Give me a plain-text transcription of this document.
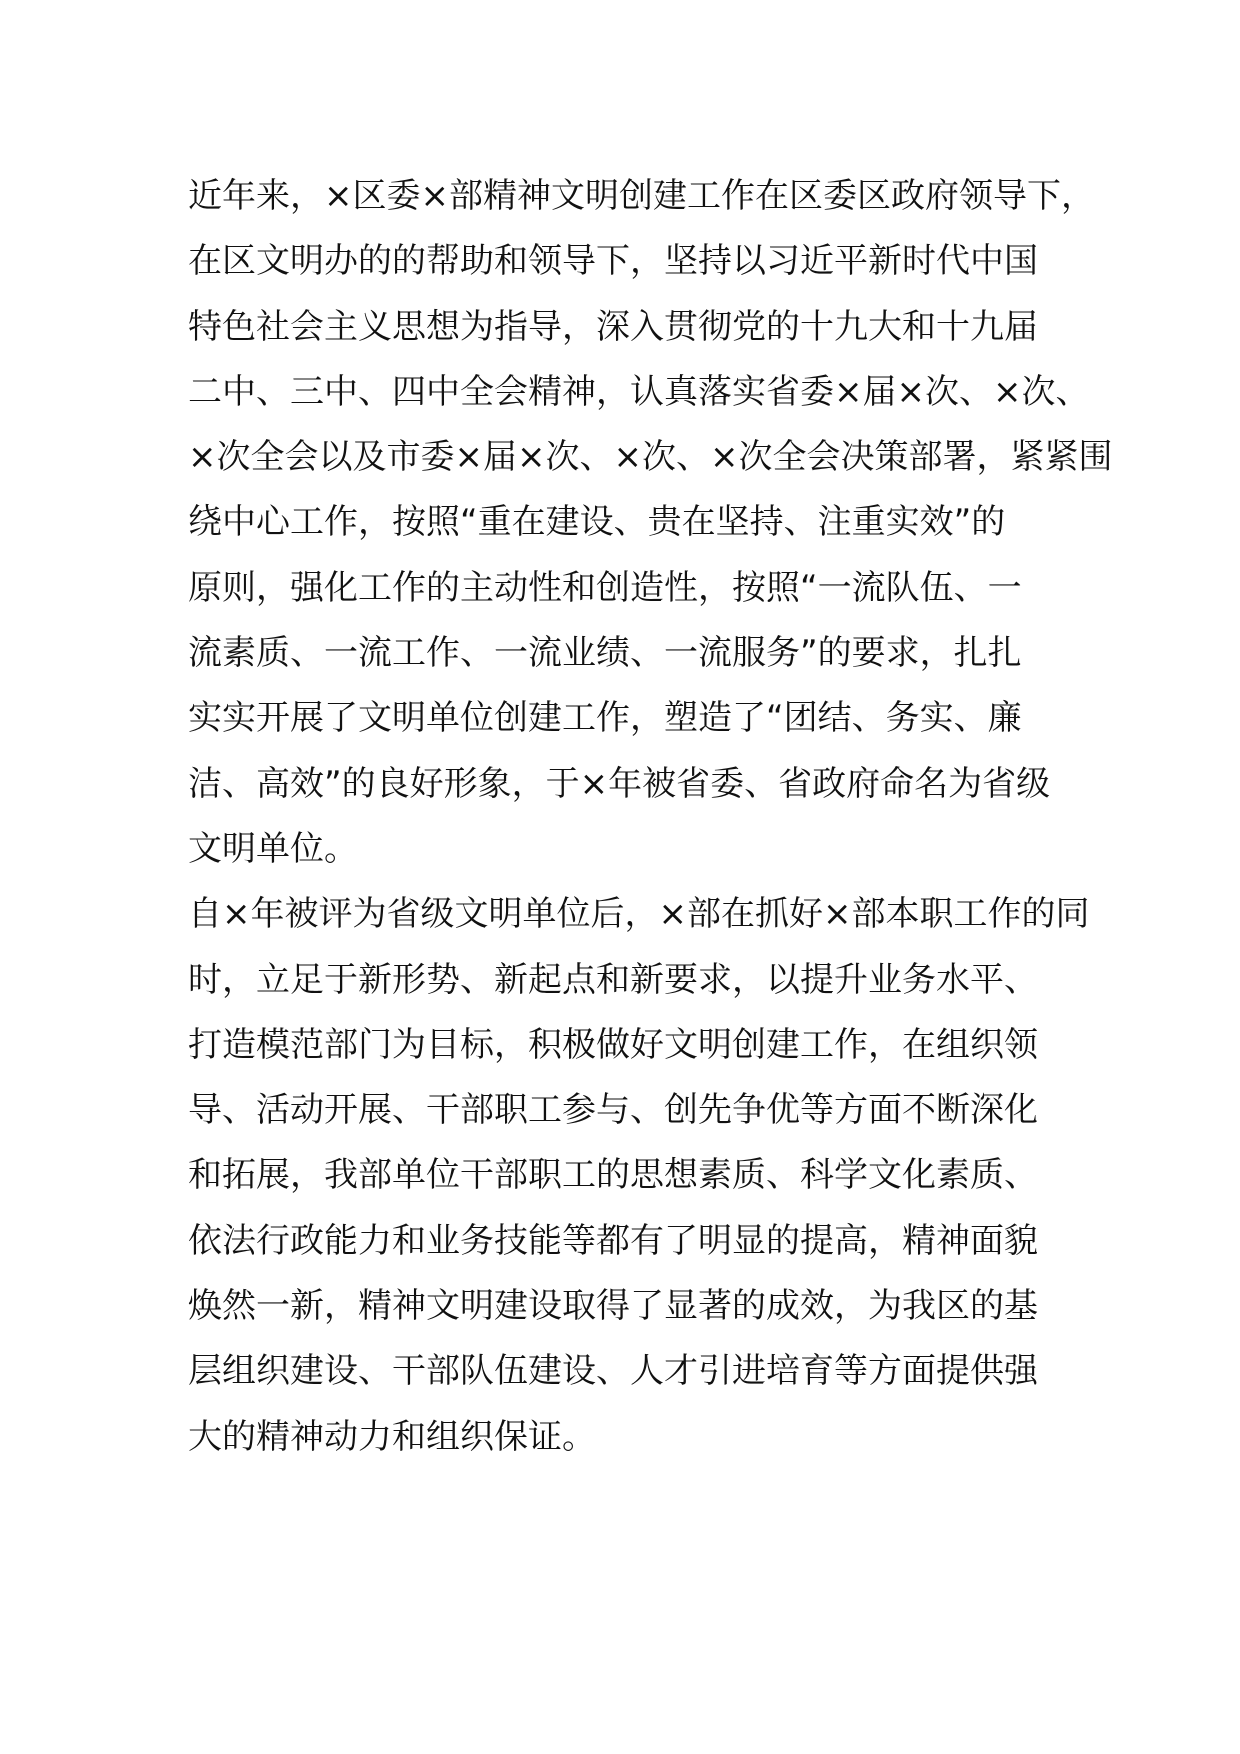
近年来，×区委×部精神文明创建工作在区委区政府领导下，
在区文明办的的帮助和领导下，坚持以习近平新时代中国
特色社会主义思想为指导，深入贯彻党的十九大和十九届
二中、三中、四中全会精神，认真落实省委×届×次、×次、
×次全会以及市委×届×次、×次、×次全会决策部署，紧紧围
绕中心工作，按照“重在建设、贵在坚持、注重实效”的
原则，强化工作的主动性和创造性，按照“一流队伍、一
流素质、一流工作、一流业绩、一流服务”的要求，扎扎
实实开展了文明单位创建工作，塑造了“团结、务实、廉
洁、高效”的良好形象，于×年被省委、省政府命名为省级
文明单位。
自×年被评为省级文明单位后，×部在抓好×部本职工作的同
时，立足于新形势、新起点和新要求，以提升业务水平、
打造模范部门为目标，积极做好文明创建工作，在组织领
导、活动开展、干部职工参与、创先争优等方面不断深化
和拓展，我部单位干部职工的思想素质、科学文化素质、
依法行政能力和业务技能等都有了明显的提高，精神面貌
焕然一新，精神文明建设取得了显著的成效，为我区的基
层组织建设、干部队伍建设、人才引进培育等方面提供强
大的精神动力和组织保证。
